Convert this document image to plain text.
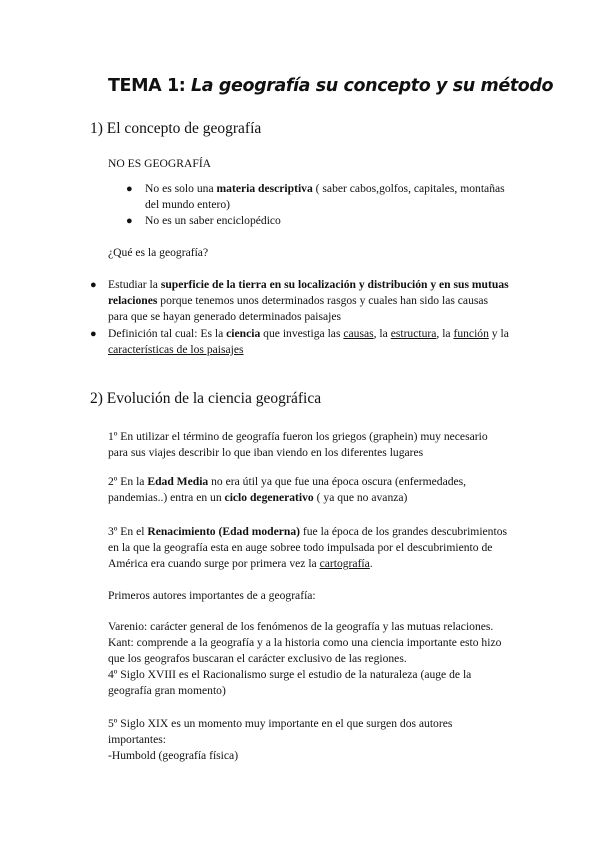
TEMA 1: La geografía su concepto y su método
1) El concepto de geografía
NO ES GEOGRAFÍA
● No es solo una materia descriptiva ( saber cabos,golfos, capitales, montañas
del mundo entero)
● No es un saber enciclopédico
¿Qué es la geografía?
● Estudiar la superficie de la tierra en su localización y distribución y en sus mutuas
relaciones porque tenemos unos determinados rasgos y cuales han sido las causas
para que se hayan generado determinados paisajes
● Definición tal cual: Es la ciencia que investiga las causas, la estructura, la función y la
características de los paisajes
2) Evolución de la ciencia geográfica
1º En utilizar el término de geografía fueron los griegos (graphein) muy necesario
para sus viajes describir lo que iban viendo en los diferentes lugares
2º En la Edad Media no era útil ya que fue una época oscura (enfermedades,
pandemias..) entra en un ciclo degenerativo ( ya que no avanza)
3º En el Renacimiento (Edad moderna) fue la época de los grandes descubrimientos
en la que la geografía esta en auge sobree todo impulsada por el descubrimiento de
América era cuando surge por primera vez la cartografía.
Primeros autores importantes de a geografía:
Varenio: carácter general de los fenómenos de la geografía y las mutuas relaciones.
Kant: comprende a la geografía y a la historia como una ciencia importante esto hizo
que los geografos buscaran el carácter exclusivo de las regiones.
4º Siglo XVIII es el Racionalismo surge el estudio de la naturaleza (auge de la
geografía gran momento)
5º Siglo XIX es un momento muy importante en el que surgen dos autores
importantes:
-Humbold (geografía física)
